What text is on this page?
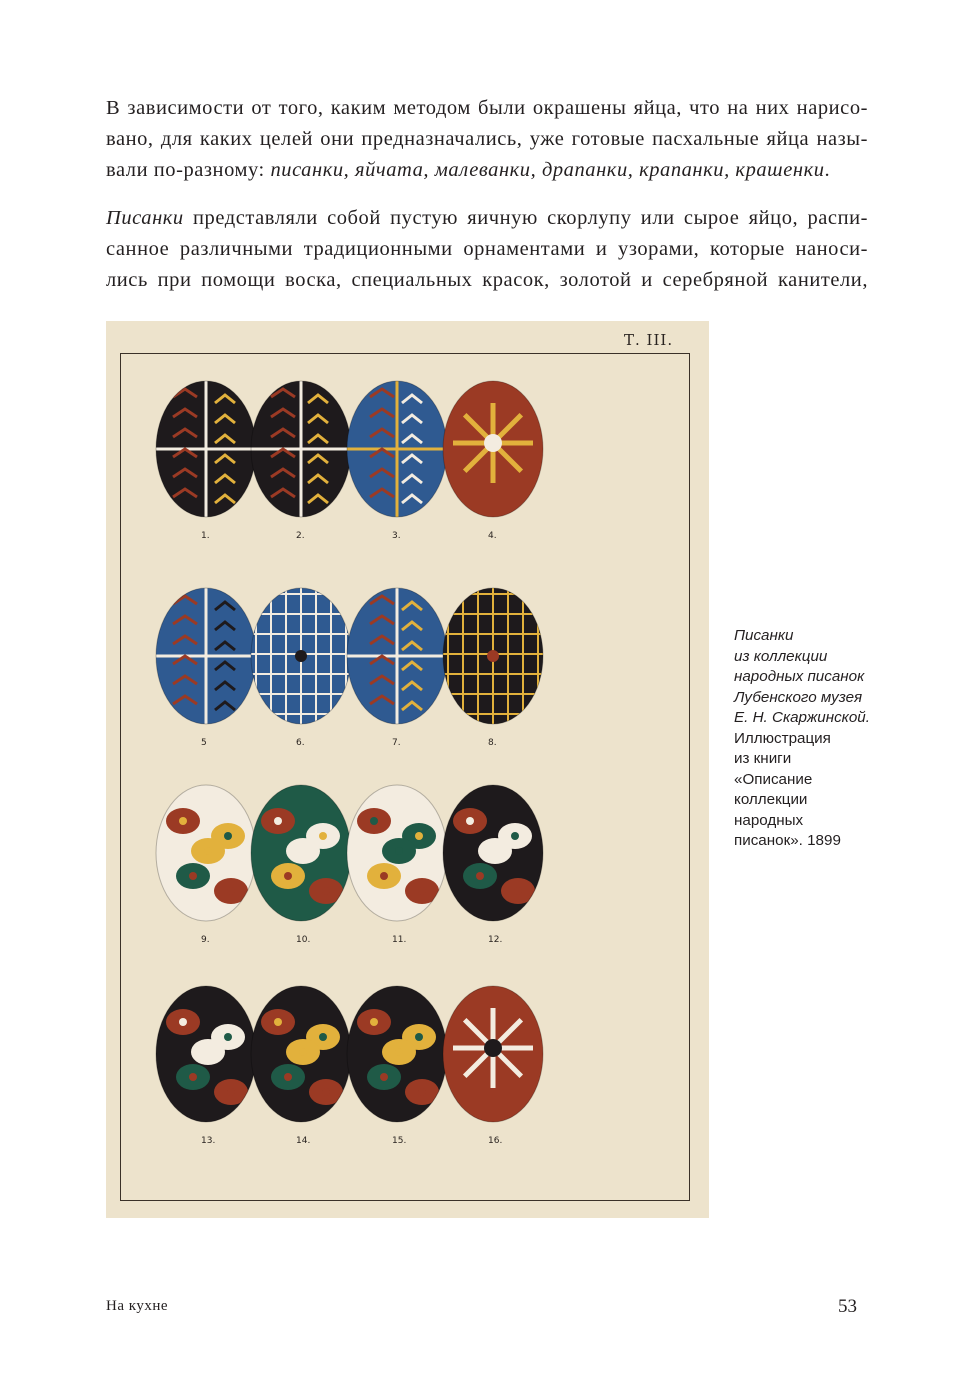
В зависимости от того, каким методом были окрашены яйца, что на них нарисо-
вано, для каких целей они предназначались, уже готовые пасхальные яйца назы-
вали по-разному: писанки, яйчата, малеванки, драпанки, крапанки, крашенки.
Писанки представляли собой пустую яичную скорлупу или сырое яйцо, распи-
санное различными традиционными орнаментами и узорами, которые наноси-
лись при помощи воска, специальных красок, золотой и серебряной канители,
Т. III.
1.	2.	3.	4.
5	6.	7.	8.
9.	10.	11.	12.
13.	14.	15.	16.
Писанки
из коллекции
народных писанок
Лубенского музея
Е. Н. Скаржинской.
Иллюстрация
из книги
«Описание
коллекции
народных
писанок». 1899
На кухне	53
